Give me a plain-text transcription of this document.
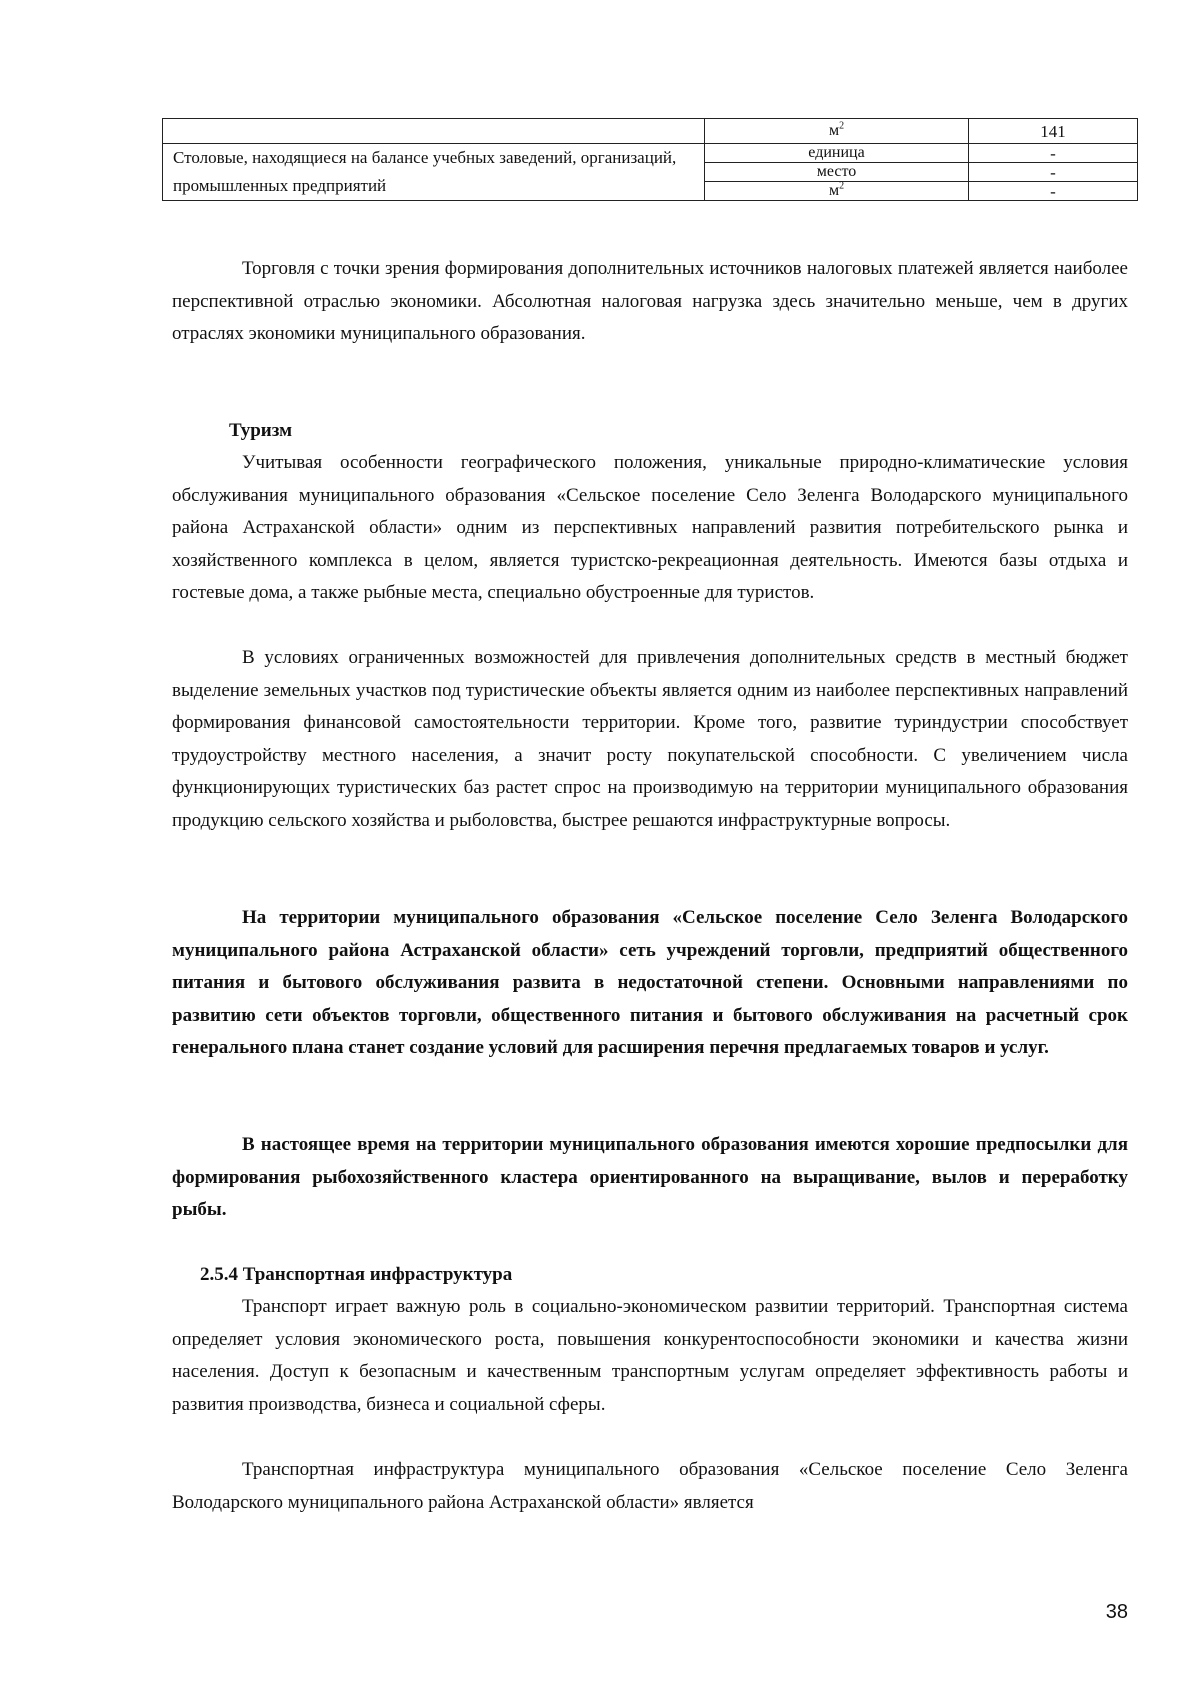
	$м^2$	141
Столовые, находящиеся на балансе учебных заведений, организаций, промышленных предприятий	единица	-
	место	-
	$м^2$	-

Торговля с точки зрения формирования дополнительных источников налоговых платежей является наиболее перспективной отраслью экономики. Абсолютная налоговая нагрузка здесь значительно меньше, чем в других отраслях экономики муниципального образования.

Туризм

Учитывая особенности географического положения, уникальные природно-климатические условия обслуживания муниципального образования «Сельское поселение Село Зеленга Володарского муниципального района Астраханской области» одним из перспективных направлений развития потребительского рынка и хозяйственного комплекса в целом, является туристско-рекреационная деятельность. Имеются базы отдыха и гостевые дома, а также рыбные места, специально обустроенные для туристов.

В условиях ограниченных возможностей для привлечения дополнительных средств в местный бюджет выделение земельных участков под туристические объекты является одним из наиболее перспективных направлений формирования финансовой самостоятельности территории. Кроме того, развитие туриндустрии способствует трудоустройству местного населения, а значит росту покупательской способности. С увеличением числа функционирующих туристических баз растет спрос на производимую на территории муниципального образования продукцию сельского хозяйства и рыболовства, быстрее решаются инфраструктурные вопросы.

На территории муниципального образования «Сельское поселение Село Зеленга Володарского муниципального района Астраханской области» сеть учреждений торговли, предприятий общественного питания и бытового обслуживания развита в недостаточной степени. Основными направлениями по развитию сети объектов торговли, общественного питания и бытового обслуживания на расчетный срок генерального плана станет создание условий для расширения перечня предлагаемых товаров и услуг.

В настоящее время на территории муниципального образования имеются хорошие предпосылки для формирования рыбохозяйственного кластера ориентированного на выращивание, вылов и переработку рыбы.

2.5.4 Транспортная инфраструктура

Транспорт играет важную роль в социально-экономическом развитии территорий. Транспортная система определяет условия экономического роста, повышения конкурентоспособности экономики и качества жизни населения. Доступ к безопасным и качественным транспортным услугам определяет эффективность работы и развития производства, бизнеса и социальной сферы.

Транспортная инфраструктура муниципального образования «Сельское поселение Село Зеленга Володарского муниципального района Астраханской области» является

38
